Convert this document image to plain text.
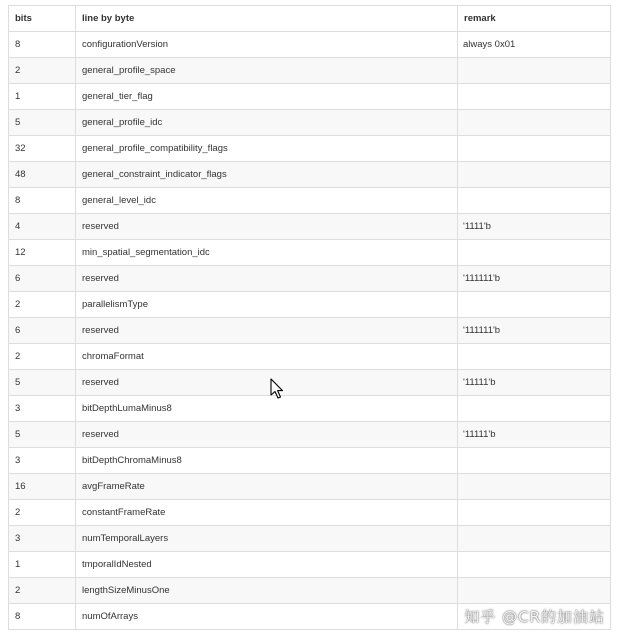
bits	line by byte	remark
8	configurationVersion	always 0x01
2	general_profile_space	
1	general_tier_flag	
5	general_profile_idc	
32	general_profile_compatibility_flags	
48	general_constraint_indicator_flags	
8	general_level_idc	
4	reserved	'1111'b
12	min_spatial_segmentation_idc	
6	reserved	'111111'b
2	parallelismType	
6	reserved	'111111'b
2	chromaFormat	
5	reserved	'11111'b
3	bitDepthLumaMinus8	
5	reserved	'11111'b
3	bitDepthChromaMinus8	
16	avgFrameRate	
2	constantFrameRate	
3	numTemporalLayers	
1	tmporalIdNested	
2	lengthSizeMinusOne	
8	numOfArrays		知乎 @CR的加油站
